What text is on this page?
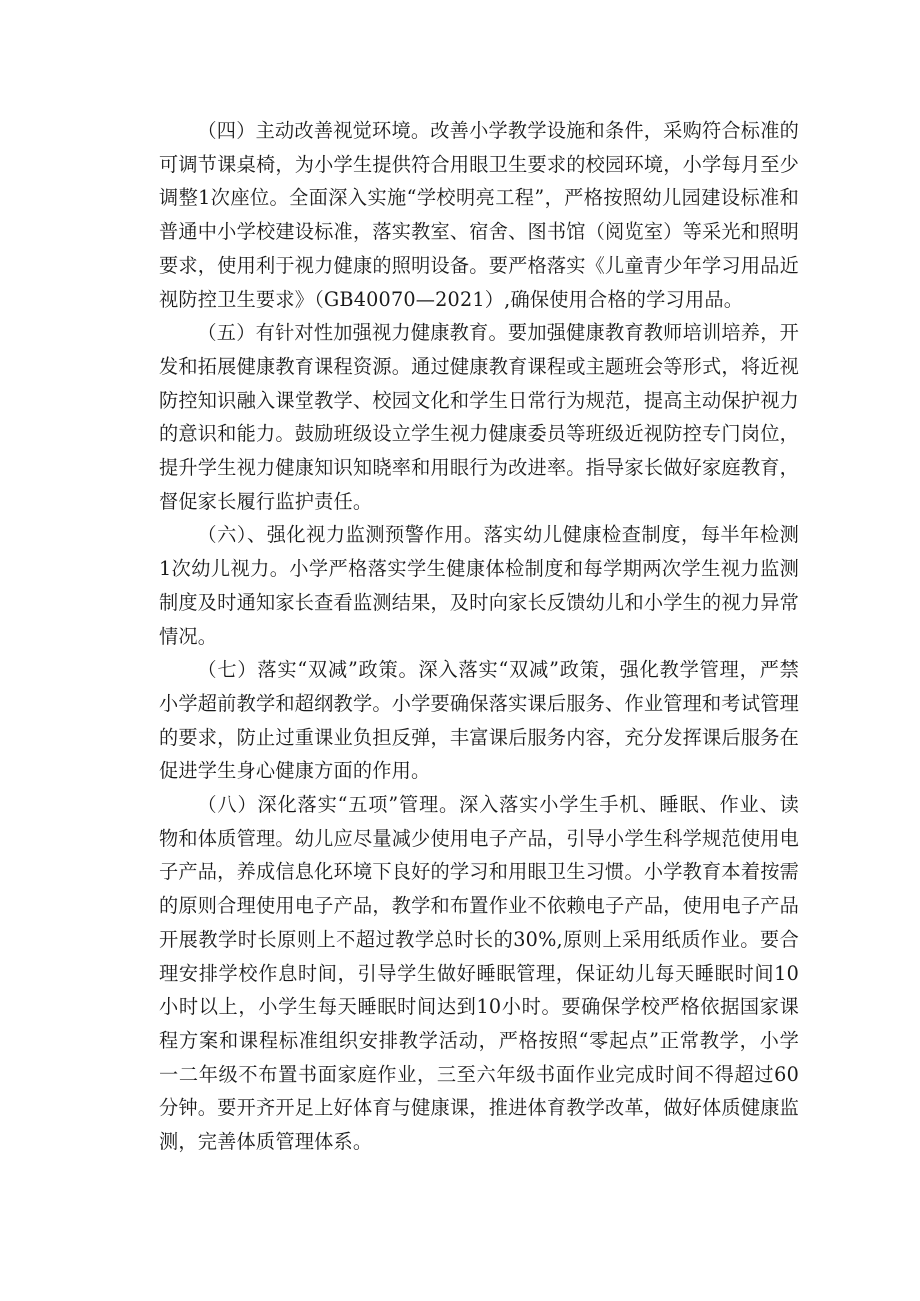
（四）主动改善视觉环境。改善小学教学设施和条件，采购符合标准的可调节课桌椅，为小学生提供符合用眼卫生要求的校园环境，小学每月至少调整1次座位。全面深入实施“学校明亮工程”，严格按照幼儿园建设标准和普通中小学校建设标准，落实教室、宿舍、图书馆（阅览室）等采光和照明要求，使用利于视力健康的照明设备。要严格落实《儿童青少年学习用品近视防控卫生要求》（GB40070—2021）,确保使用合格的学习用品。

（五）有针对性加强视力健康教育。要加强健康教育教师培训培养，开发和拓展健康教育课程资源。通过健康教育课程或主题班会等形式，将近视防控知识融入课堂教学、校园文化和学生日常行为规范，提高主动保护视力的意识和能力。鼓励班级设立学生视力健康委员等班级近视防控专门岗位，提升学生视力健康知识知晓率和用眼行为改进率。指导家长做好家庭教育，督促家长履行监护责任。

（六）、强化视力监测预警作用。落实幼儿健康检查制度，每半年检测1次幼儿视力。小学严格落实学生健康体检制度和每学期两次学生视力监测制度及时通知家长查看监测结果，及时向家长反馈幼儿和小学生的视力异常情况。

（七）落实“双减”政策。深入落实“双减”政策，强化教学管理，严禁小学超前教学和超纲教学。小学要确保落实课后服务、作业管理和考试管理的要求，防止过重课业负担反弹，丰富课后服务内容，充分发挥课后服务在促进学生身心健康方面的作用。

（八）深化落实“五项”管理。深入落实小学生手机、睡眠、作业、读物和体质管理。幼儿应尽量减少使用电子产品，引导小学生科学规范使用电子产品，养成信息化环境下良好的学习和用眼卫生习惯。小学教育本着按需的原则合理使用电子产品，教学和布置作业不依赖电子产品，使用电子产品开展教学时长原则上不超过教学总时长的30%,原则上采用纸质作业。要合理安排学校作息时间，引导学生做好睡眠管理，保证幼儿每天睡眠时间10小时以上，小学生每天睡眠时间达到10小时。要确保学校严格依据国家课程方案和课程标准组织安排教学活动，严格按照“零起点”正常教学，小学一二年级不布置书面家庭作业，三至六年级书面作业完成时间不得超过60分钟。要开齐开足上好体育与健康课，推进体育教学改革，做好体质健康监测，完善体质管理体系。
